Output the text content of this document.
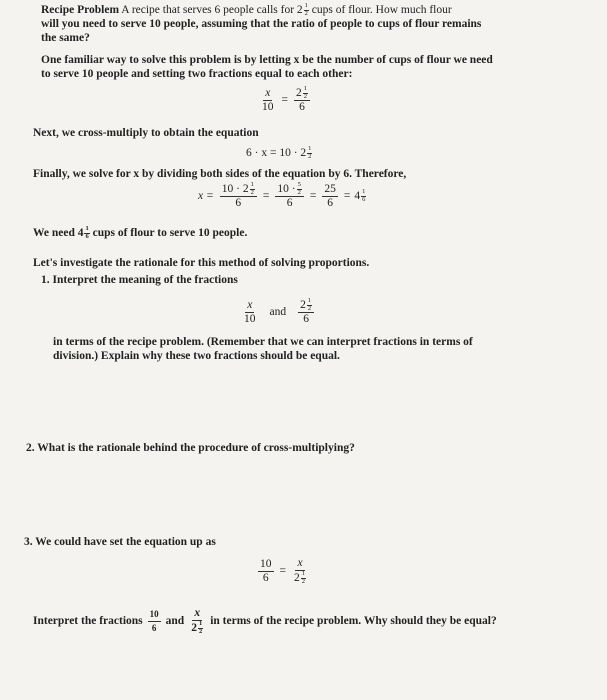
Recipe Problem A recipe that serves 6 people calls for 2 1
2 cups of flour. How much flour
will you need to serve 10 people, assuming that the ratio of people to cups of flour remains
the same?
One familiar way to solve this problem is by letting x be the number of cups of flour we need
to serve 10 people and setting two fractions equal to each other:
$\frac{x}{10} = 2$ 1
2
6
Next, we cross-multiply to obtain the equation
6 · x = 10 · 2 1
2
Finally, we solve for x by dividing both sides of the equation by 6. Therefore,
x = 10 · 2 1
2
6 = 10 · 5
2
$6 = \frac{25}{6} = 4$ 1
6
We need 4 1
6 cups of flour to serve 10 people.
Let's investigate the rationale for this method of solving proportions.
1. Interpret the meaning of the fractions
$\frac{x}{10}$ and 2 1
2
6
in terms of the recipe problem. (Remember that we can interpret fractions in terms of
division.) Explain why these two fractions should be equal.
2. What is the rationale behind the procedure of cross-multiplying?
3. We could have set the equation up as
$\frac{10}{6} = x$
2 1
2
Interpret the fractions $\frac{10}{6}$ and x
2 1
2 in terms of the recipe problem. Why should they be equal?
